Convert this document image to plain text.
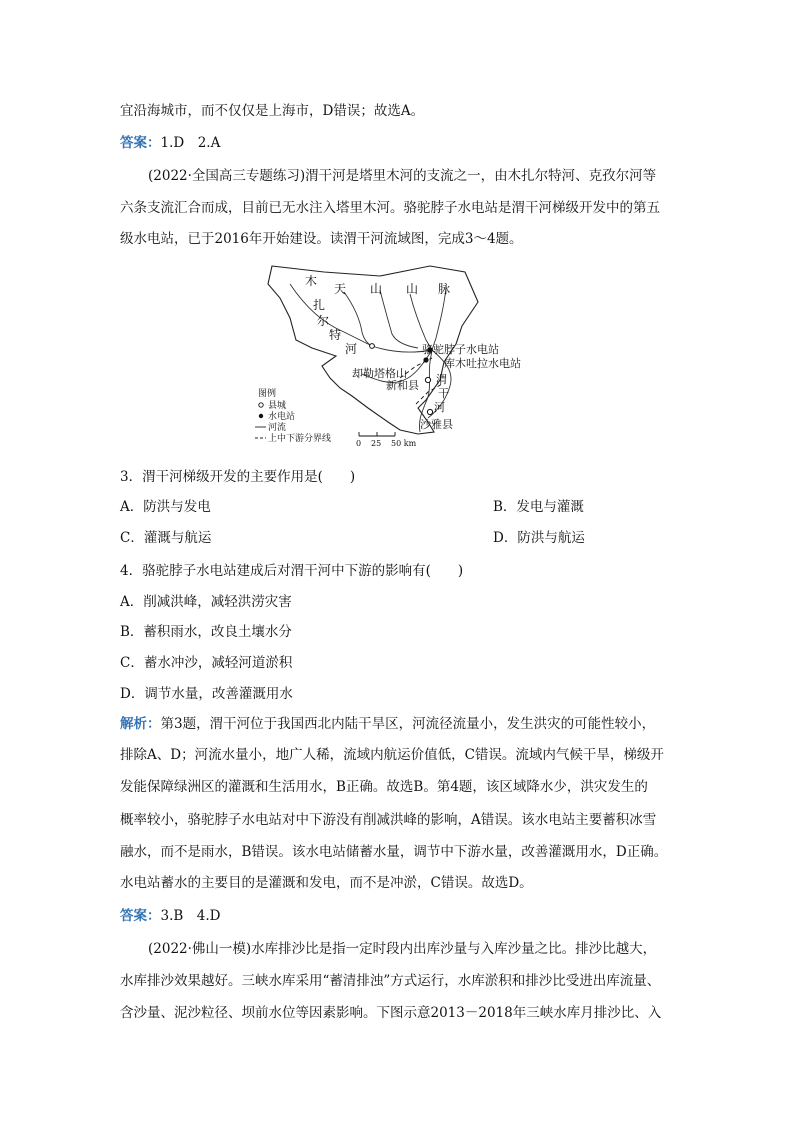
宜沿海城市，而不仅仅是上海市，D错误；故选A。
答案：1.D　2.A
(2022·全国高三专题练习)渭干河是塔里木河的支流之一，由木扎尔特河、克孜尔河等
六条支流汇合而成，目前已无水注入塔里木河。骆驼脖子水电站是渭干河梯级开发中的第五
级水电站，已于2016年开始建设。读渭干河流域图，完成3～4题。
木
扎
尔
特
河
天 山 山 脉
骆驼脖子水电站
库木吐拉水电站
却勒塔格山
新和县 渭
干
河
沙雅县
图例
县城
水电站
河流
上中下游分界线	0 25 50 km
3．渭干河梯级开发的主要作用是(　　)
A．防洪与发电	B．发电与灌溉
C．灌溉与航运	D．防洪与航运
4．骆驼脖子水电站建成后对渭干河中下游的影响有(　　)
A．削减洪峰，减轻洪涝灾害
B．蓄积雨水，改良土壤水分
C．蓄水冲沙，减轻河道淤积
D．调节水量，改善灌溉用水
解析：第3题，渭干河位于我国西北内陆干旱区，河流径流量小，发生洪灾的可能性较小，
排除A、D；河流水量小，地广人稀，流域内航运价值低，C错误。流域内气候干旱，梯级开
发能保障绿洲区的灌溉和生活用水，B正确。故选B。第4题，该区域降水少，洪灾发生的
概率较小，骆驼脖子水电站对中下游没有削减洪峰的影响，A错误。该水电站主要蓄积冰雪
融水，而不是雨水，B错误。该水电站储蓄水量，调节中下游水量，改善灌溉用水，D正确。
水电站蓄水的主要目的是灌溉和发电，而不是冲淤，C错误。故选D。
答案：3.B　4.D
(2022·佛山一模)水库排沙比是指一定时段内出库沙量与入库沙量之比。排沙比越大，
水库排沙效果越好。三峡水库采用“蓄清排浊”方式运行，水库淤积和排沙比受进出库流量、
含沙量、泥沙粒径、坝前水位等因素影响。下图示意2013－2018年三峡水库月排沙比、入
